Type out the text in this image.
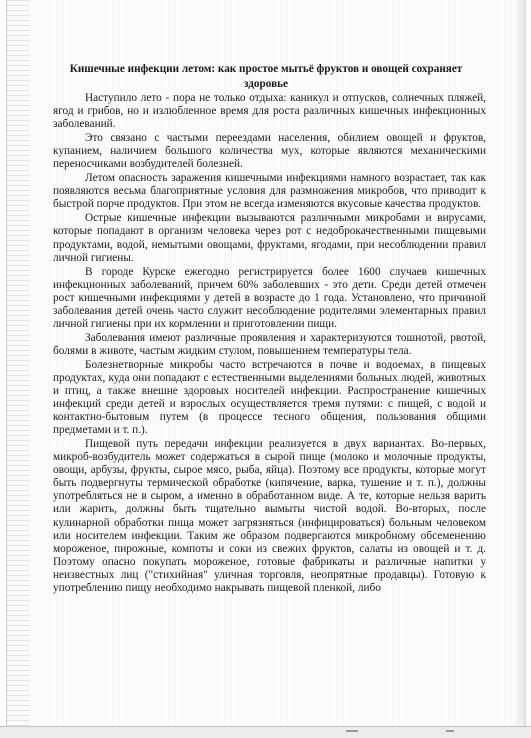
Кишечные инфекции летом: как простое мытьё фруктов и овощей сохраняет здоровье

Наступило лето - пора не только отдыха: каникул и отпусков, солнечных пляжей, ягод и грибов, но и излюбленное время для роста различных кишечных инфекционных заболеваний.

Это связано с частыми переездами населения, обилием овощей и фруктов, купанием, наличием большого количества мух, которые являются механическими переносчиками возбудителей болезней.

Летом опасность заражения кишечными инфекциями намного возрастает, так как появляются весьма благоприятные условия для размножения микробов, что приводит к быстрой порче продуктов. При этом не всегда изменяются вкусовые качества продуктов.

Острые кишечные инфекции вызываются различными микробами и вирусами, которые попадают в организм человека через рот с недоброкачественными пищевыми продуктами, водой, немытыми овощами, фруктами, ягодами, при несоблюдении правил личной гигиены.

В городе Курске ежегодно регистрируется более 1600 случаев кишечных инфекционных заболеваний, причем 60% заболевших - это дети. Среди детей отмечен рост кишечными инфекциями у детей в возрасте до 1 года. Установлено, что причиной заболевания детей очень часто служит несоблюдение родителями элементарных правил личной гигиены при их кормлении и приготовлении пищи.

Заболевания имеют различные проявления и характеризуются тошнотой, рвотой, болями в животе, частым жидким стулом, повышением температуры тела.

Болезнетворные микробы часто встречаются в почве и водоемах, в пищевых продуктах, куда они попадают с естественными выделениями больных людей, животных и птиц, а также внешне здоровых носителей инфекции. Распространение кишечных инфекций среди детей и взрослых осуществляется тремя путями: с пищей, с водой и контактно-бытовым путем (в процессе тесного общения, пользования общими предметами и т. п.).

Пищевой путь передачи инфекции реализуется в двух вариантах. Во-первых, микроб-возбудитель может содержаться в сырой пище (молоко и молочные продукты, овощи, арбузы, фрукты, сырое мясо, рыба, яйца). Поэтому все продукты, которые могут быть подвергнуты термической обработке (кипячение, варка, тушение и т. п.), должны употребляться не в сыром, а именно в обработанном виде. А те, которые нельзя варить или жарить, должны быть тщательно вымыты чистой водой. Во-вторых, после кулинарной обработки пища может загрязняться (инфицироваться) больным человеком или носителем инфекции. Таким же образом подвергаются микробному обсеменению мороженое, пирожные, компоты и соки из свежих фруктов, салаты из овощей и т. д. Поэтому опасно покупать мороженое, готовые фабрикаты и различные напитки у неизвестных лиц ("стихийная" уличная торговля, неопрятные продавцы). Готовую к употреблению пищу необходимо накрывать пищевой пленкой, либо
